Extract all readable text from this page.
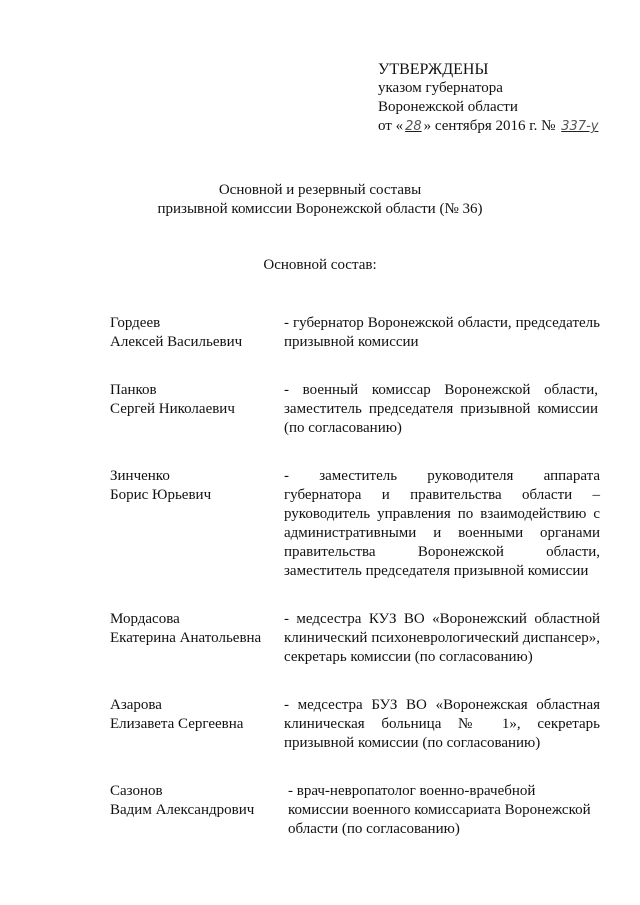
УТВЕРЖДЕНЫ
указом губернатора
Воронежской области
от « 28 » сентября 2016 г. № 337-у
Основной и резервный составы
призывной комиссии Воронежской области (№ 36)
Основной состав:
Гордеев
Алексей Васильевич
- губернатор Воронежской области, председатель призывной комиссии
Панков
Сергей Николаевич
- военный комиссар Воронежской области, заместитель председателя призывной комиссии (по согласованию)
Зинченко
Борис Юрьевич
- заместитель руководителя аппарата губернатора и правительства области – руководитель управления по взаимодействию с административными и военными органами правительства Воронежской области, заместитель председателя призывной комиссии
Мордасова
Екатерина Анатольевна
- медсестра КУЗ ВО «Воронежский областной клинический психоневрологический диспансер», секретарь комиссии (по согласованию)
Азарова
Елизавета Сергеевна
- медсестра БУЗ ВО «Воронежская областная клиническая больница № 1», секретарь призывной комиссии (по согласованию)
Сазонов
Вадим Александрович
- врач-невропатолог военно-врачебной комиссии военного комиссариата Воронежской области (по согласованию)
